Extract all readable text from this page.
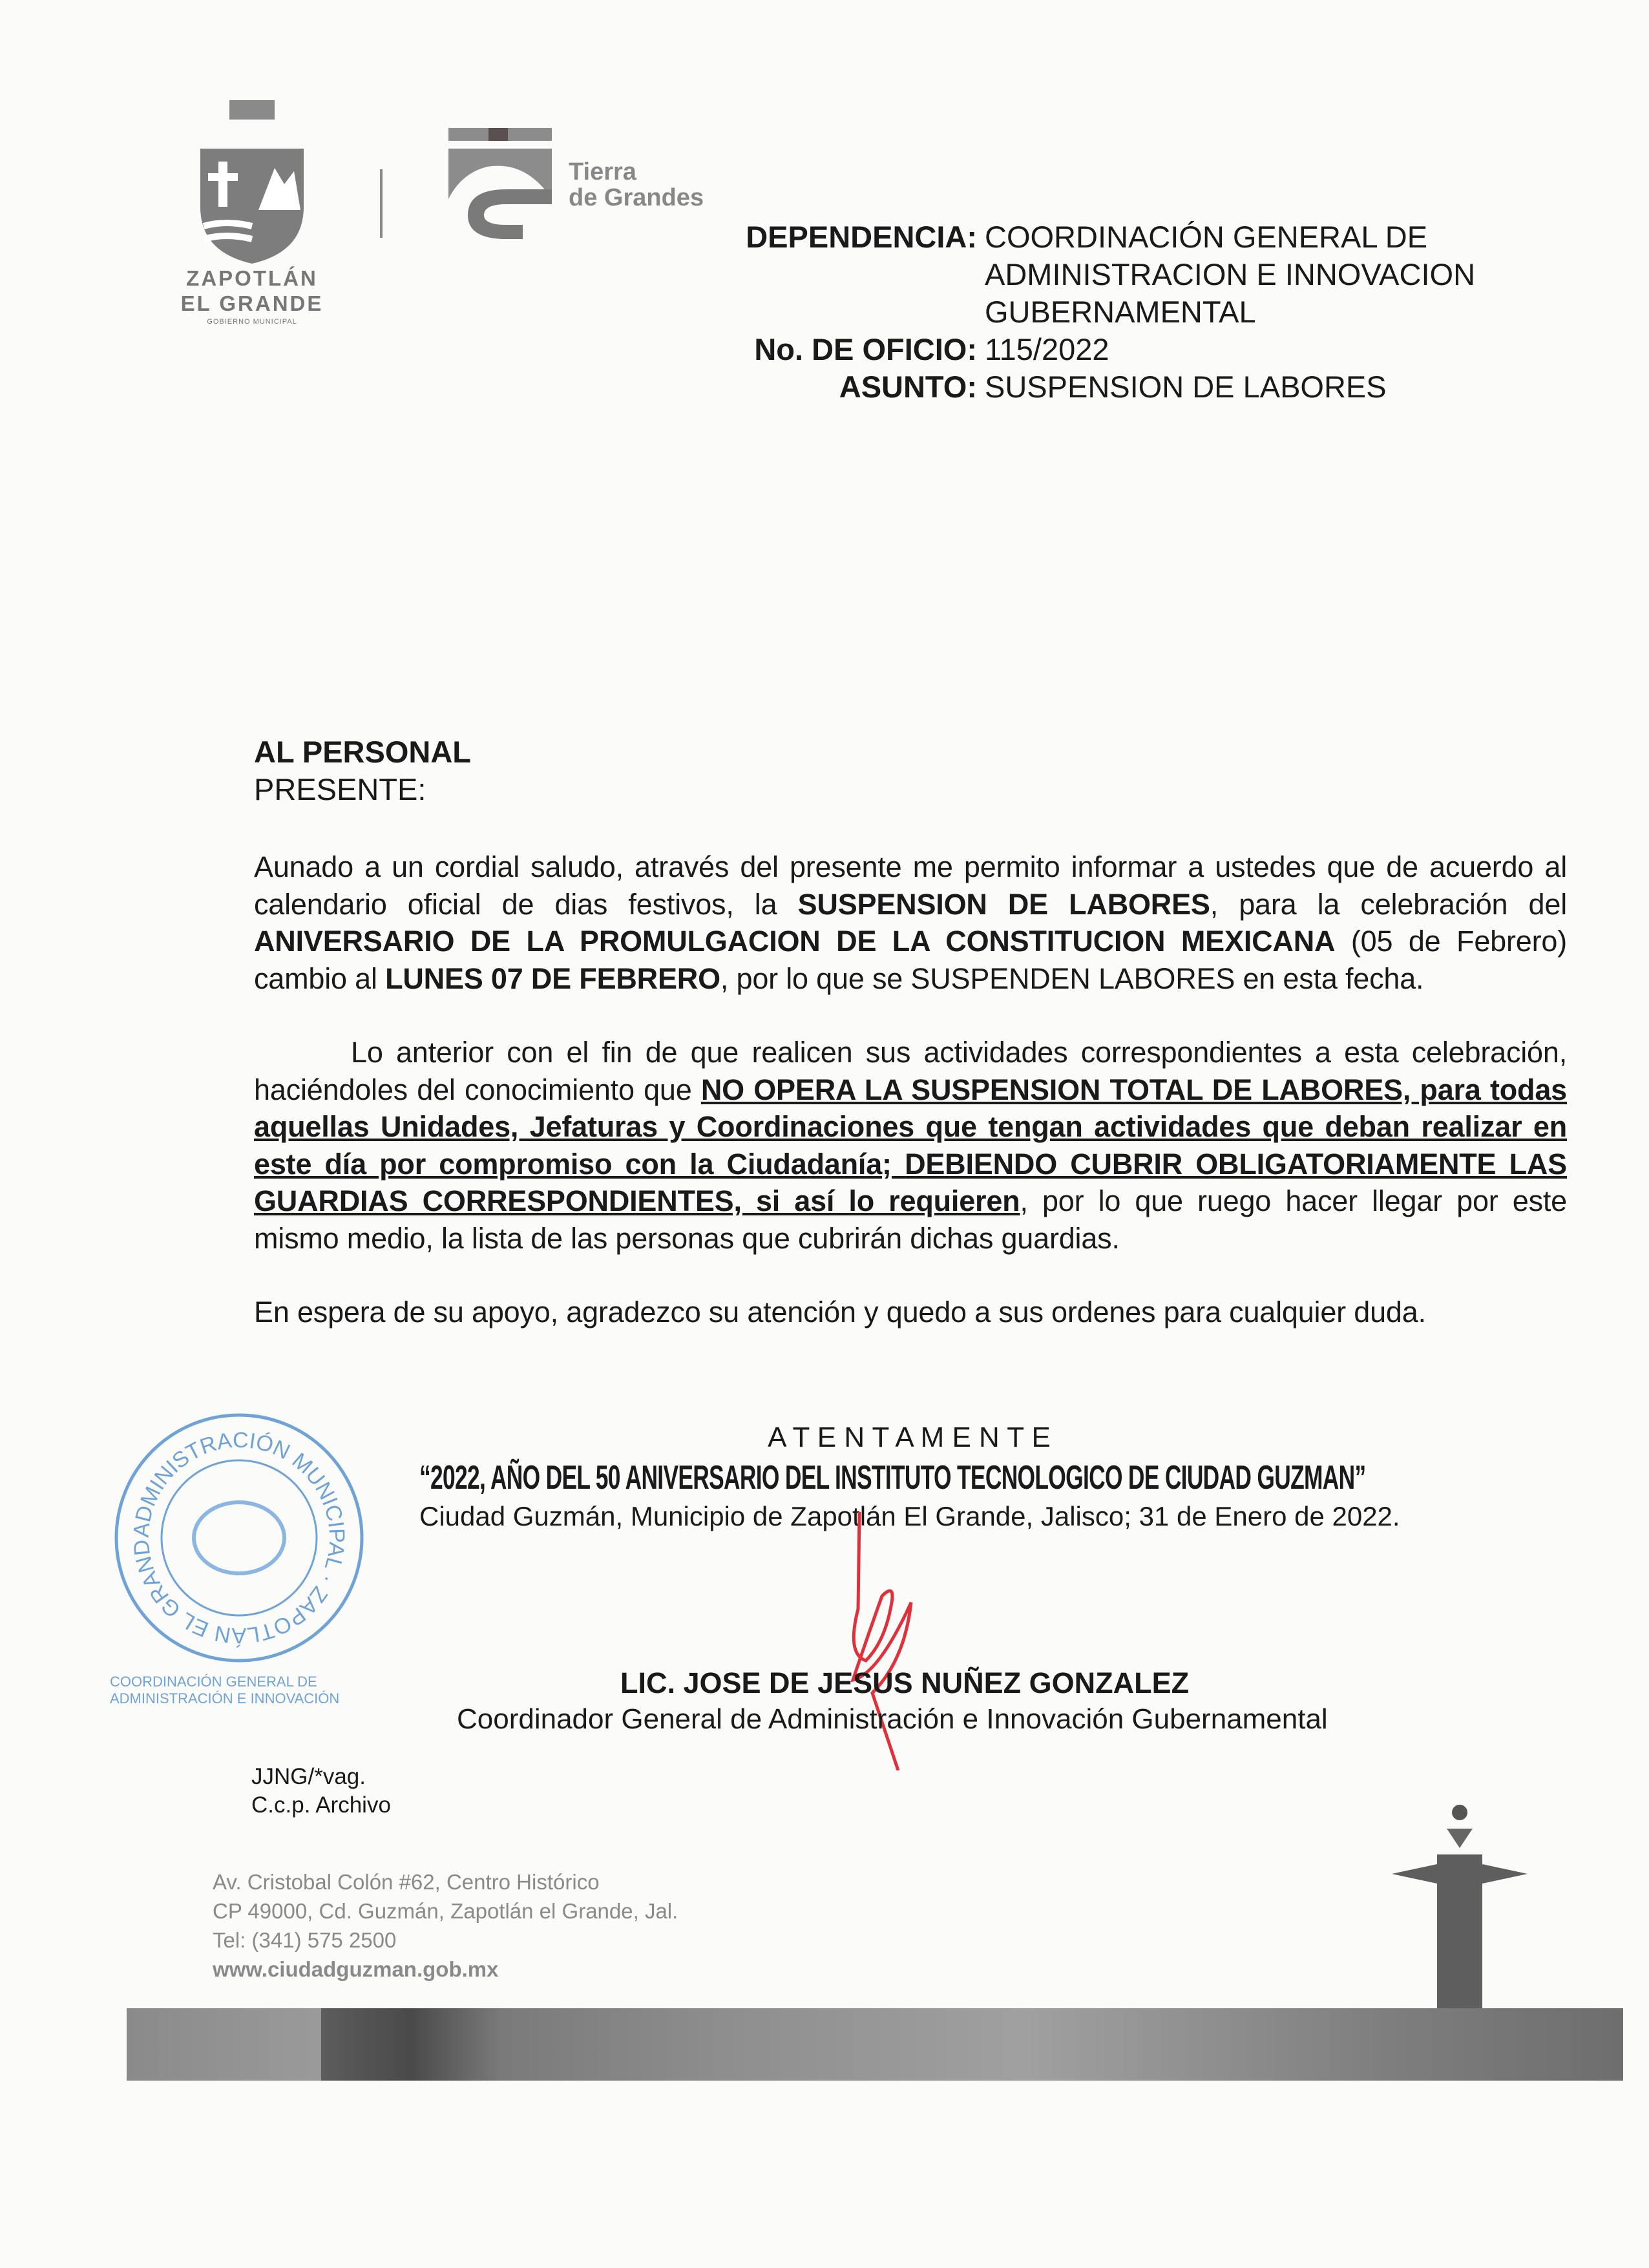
ZAPOTLÁN
EL GRANDE
GOBIERNO MUNICIPAL
Tierra
de Grandes
DEPENDENCIA: COORDINACIÓN GENERAL DE
ADMINISTRACION E INNOVACION
GUBERNAMENTAL
No. DE OFICIO: 115/2022
ASUNTO: SUSPENSION DE LABORES
AL PERSONAL
PRESENTE:

Aunado a un cordial saludo, através del presente me permito informar a ustedes que de acuerdo al calendario oficial de dias festivos, la SUSPENSION DE LABORES, para la celebración del ANIVERSARIO DE LA PROMULGACION DE LA CONSTITUCION MEXICANA (05 de Febrero) cambio al LUNES 07 DE FEBRERO, por lo que se SUSPENDEN LABORES en esta fecha.

Lo anterior con el fin de que realicen sus actividades correspondientes a esta celebración, haciéndoles del conocimiento que NO OPERA LA SUSPENSION TOTAL DE LABORES, para todas aquellas Unidades, Jefaturas y Coordinaciones que tengan actividades que deban realizar en este día por compromiso con la Ciudadanía; DEBIENDO CUBRIR OBLIGATORIAMENTE LAS GUARDIAS CORRESPONDIENTES, si así lo requieren, por lo que ruego hacer llegar por este mismo medio, la lista de las personas que cubrirán dichas guardias.

En espera de su apoyo, agradezco su atención y quedo a sus ordenes para cualquier duda.

ADMINISTRACIÓN MUNICIPAL · ZAPOTLÁN EL GRAND
COORDINACIÓN GENERAL DE ADMINISTRACIÓN E INNOVACIÓN
A T E N T A M E N T E
“2022, AÑO DEL 50 ANIVERSARIO DEL INSTITUTO TECNOLOGICO DE CIUDAD GUZMAN”
Ciudad Guzmán, Municipio de Zapotlán El Grande, Jalisco; 31 de Enero de 2022.
LIC. JOSE DE JESUS NUÑEZ GONZALEZ
Coordinador General de Administración e Innovación Gubernamental
JJNG/*vag.
C.c.p. Archivo
Av. Cristobal Colón #62, Centro Histórico
CP 49000, Cd. Guzmán, Zapotlán el Grande, Jal.
Tel: (341) 575 2500
www.ciudadguzman.gob.mx
